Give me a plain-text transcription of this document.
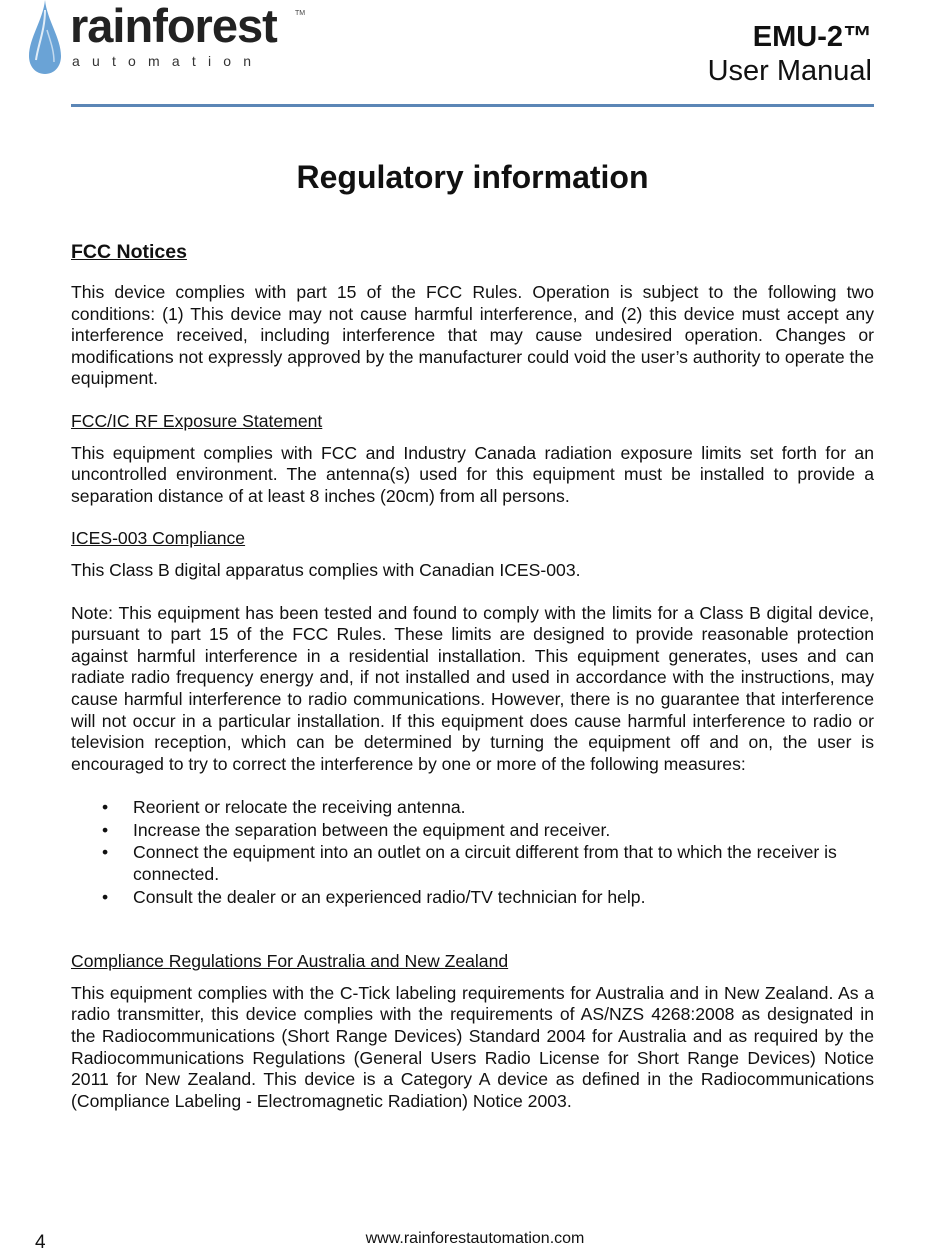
rainforest	TM
automation
EMU-2™
User Manual
Regulatory information
FCC Notices

This device complies with part 15 of the FCC Rules. Operation is subject to the following two conditions: (1) This device may not cause harmful interference, and (2) this device must accept any interference received, including interference that may cause undesired operation. Changes or modifications not expressly approved by the manufacturer could void the user’s authority to operate the equipment.

FCC/IC RF Exposure Statement

This equipment complies with FCC and Industry Canada radiation exposure limits set forth for an uncontrolled environment. The antenna(s) used for this equipment must be installed to provide a separation distance of at least 8 inches (20cm) from all persons.

ICES-003 Compliance

This Class B digital apparatus complies with Canadian ICES-003.

Note: This equipment has been tested and found to comply with the limits for a Class B digital device, pursuant to part 15 of the FCC Rules. These limits are designed to provide reasonable protection against harmful interference in a residential installation. This equipment generates, uses and can radiate radio frequency energy and, if not installed and used in accordance with the instructions, may cause harmful interference to radio communications. However, there is no guarantee that interference will not occur in a particular installation. If this equipment does cause harmful interference to radio or television reception, which can be determined by turning the equipment off and on, the user is encouraged to try to correct the interference by one or more of the following measures:

• Reorient or relocate the receiving antenna.
• Increase the separation between the equipment and receiver.
• Connect the equipment into an outlet on a circuit different from that to which the receiver is connected.
• Consult the dealer or an experienced radio/TV technician for help.

Compliance Regulations For Australia and New Zealand

This equipment complies with the C-Tick labeling requirements for Australia and in New Zealand. As a radio transmitter, this device complies with the requirements of AS/NZS 4268:2008 as designated in the Radiocommunications (Short Range Devices) Standard 2004 for Australia and as required by the Radiocommunications Regulations (General Users Radio License for Short Range Devices) Notice 2011 for New Zealand. This device is a Category A device as defined in the Radiocommunications (Compliance Labeling - Electromagnetic Radiation) Notice 2003.

4	www.rainforestautomation.com
